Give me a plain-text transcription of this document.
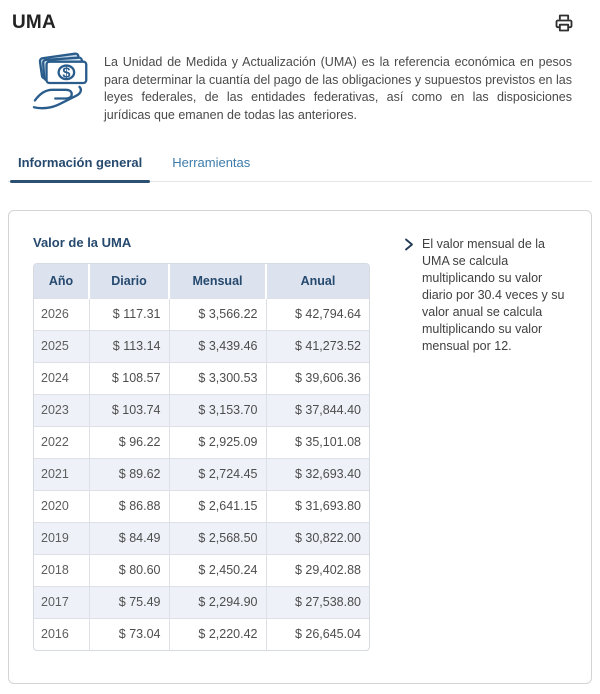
UMA
$

La Unidad de Medida y Actualización (UMA) es la referencia económica en pesos para determinar la cuantía del pago de las obligaciones y supuestos previstos en las leyes federales, de las entidades federativas, así como en las disposiciones jurídicas que emanen de todas las anteriores.

Información general	Herramientas
Valor de la UMA
Año	Diario	Mensual	Anual
2026	$ 117.31	$ 3,566.22	$ 42,794.64
2025	$ 113.14	$ 3,439.46	$ 41,273.52
2024	$ 108.57	$ 3,300.53	$ 39,606.36
2023	$ 103.74	$ 3,153.70	$ 37,844.40
2022	$ 96.22	$ 2,925.09	$ 35,101.08
2021	$ 89.62	$ 2,724.45	$ 32,693.40
2020	$ 86.88	$ 2,641.15	$ 31,693.80
2019	$ 84.49	$ 2,568.50	$ 30,822.00
2018	$ 80.60	$ 2,450.24	$ 29,402.88
2017	$ 75.49	$ 2,294.90	$ 27,538.80
2016	$ 73.04	$ 2,220.42	$ 26,645.04

El valor mensual de la UMA se calcula multiplicando su valor diario por 30.4 veces y su valor anual se calcula multiplicando su valor mensual por 12.
